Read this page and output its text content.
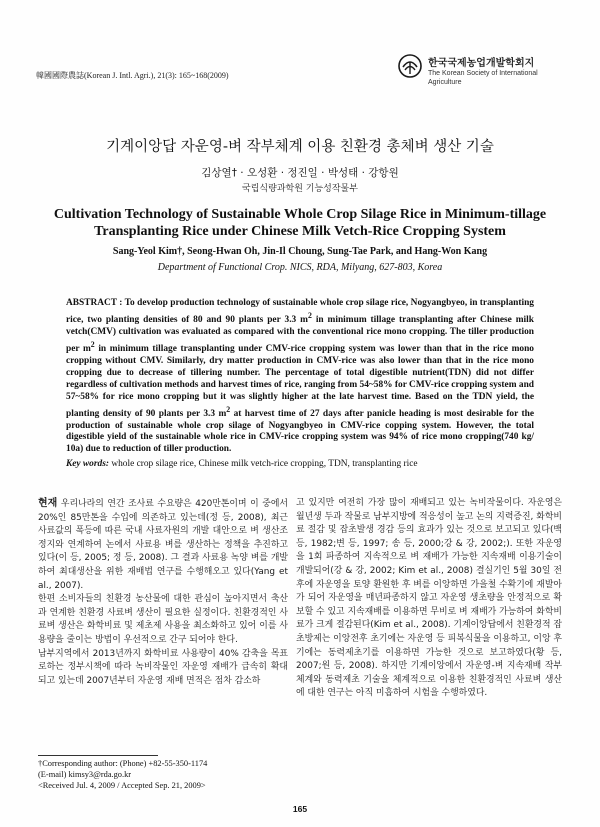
韓國國際農誌(Korean J. Intl. Agri.), 21(3): 165~168(2009)
한국국제농업개발학회지
The Korean Society of International
Agriculture
기계이앙답 자운영-벼 작부체계 이용 친환경 총체벼 생산 기술
김상열† · 오성환 · 정진일 · 박성태 · 강항원
국립식량과학원 기능성작물부
Cultivation Technology of Sustainable Whole Crop Silage Rice in Minimum-tillage Transplanting Rice under Chinese Milk Vetch-Rice Cropping System
Sang-Yeol Kim†, Seong-Hwan Oh, Jin-Il Choung, Sung-Tae Park, and Hang-Won Kang
Department of Functional Crop. NICS, RDA, Milyang, 627-803, Korea
ABSTRACT : To develop production technology of sustainable whole crop silage rice, Nogyangbyeo, in transplanting rice, two planting densities of 80 and 90 plants per 3.3 $m^2$ in minimum tillage transplanting after Chinese milk vetch(CMV) cultivation was evaluated as compared with the conventional rice mono cropping. The tiller production per $m^2$ in minimum tillage transplanting under CMV-rice cropping system was lower than that in the rice mono cropping without CMV. Similarly, dry matter production in CMV-rice was also lower than that in the rice mono cropping due to decrease of tillering number. The percentage of total digestible nutrient(TDN) did not differ regardless of cultivation methods and harvest times of rice, ranging from 54~58% for CMV-rice cropping system and 57~58% for rice mono cropping but it was slightly higher at the late harvest time. Based on the TDN yield, the planting density of 90 plants per 3.3 $m^2$ at harvest time of 27 days after panicle heading is most desirable for the production of sustainable whole crop silage of Nogyangbyeo in CMV-rice copping system. However, the total digestible yield of the sustainable whole rice in CMV-rice cropping system was 94% of rice mono cropping(740 kg/ 10a) due to reduction of tiller production.
Key words: whole crop silage rice, Chinese milk vetch-rice cropping, TDN, transplanting rice

현재 우리나라의 연간 조사료 수요량은 420만톤이며 이 중에서 20%인 85만톤을 수입에 의존하고 있는데(정 등, 2008), 최근 사료값의 폭등에 따른 국내 사료자원의 개발 대안으로 벼 생산조정지와 연계하여 논에서 사료용 벼를 생산하는 정책을 추진하고 있다(이 등, 2005; 정 등, 2008). 그 결과 사료용 녹양 벼를 개발하여 최대생산을 위한 재배법 연구를 수행해오고 있다(Yang et al., 2007).

한편 소비자들의 친환경 농산물에 대한 관심이 높아지면서 축산과 연계한 친환경 사료벼 생산이 필요한 실정이다. 친환경적인 사료벼 생산은 화학비료 및 제초제 사용을 최소화하고 있어 이를 사용량을 줄이는 방법이 우선적으로 간구 되어야 한다.

남부지역에서 2013년까지 화학비료 사용량이 40% 감축을 목표로하는 정부시책에 따라 녹비작물인 자운영 재배가 급속히 확대되고 있는데 2007년부터 자운영 재배 면적은 점차 감소하

고 있지만 여전히 가장 많이 재배되고 있는 녹비작물이다. 자운영은 월년생 두과 작물로 남부지방에 적응성이 높고 논의 지력증진, 화학비료 절감 및 잡초발생 경감 등의 효과가 있는 것으로 보고되고 있다(백 등, 1982;변 등, 1997; 송 등, 2000;강 & 강, 2002;). 또한 자운영을 1회 파종하여 지속적으로 벼 재배가 가능한 지속재배 이용기술이 개발되어(강 & 강, 2002; Kim et al., 2008) 결실기인 5월 30일 전후에 자운영을 토양 환원한 후 벼를 이앙하면 가을철 수확기에 재발아가 되어 자운영을 매년파종하지 않고 자운영 생초량을 안정적으로 확보할 수 있고 지속재배를 이용하면 무비로 벼 재배가 가능하여 화학비료가 크게 절감된다(Kim et al., 2008). 기계이앙답에서 친환경적 잡초방제는 이앙전후 초기에는 자운영 등 피복식물을 이용하고, 이앙 후기에는 동력제초기를 이용하면 가능한 것으로 보고하였다(황 등, 2007;원 등, 2008). 하지만 기계이앙에서 자운영-벼 지속재배 작부체계와 동력제초 기술을 체계적으로 이용한 친환경적인 사료벼 생산에 대한 연구는 아직 미흡하여 시험을 수행하였다.

†Corresponding author: (Phone) +82-55-350-1174
(E-mail) kimsy3@rda.go.kr
<Received Jul. 4, 2009 / Accepted Sep. 21, 2009>
165
